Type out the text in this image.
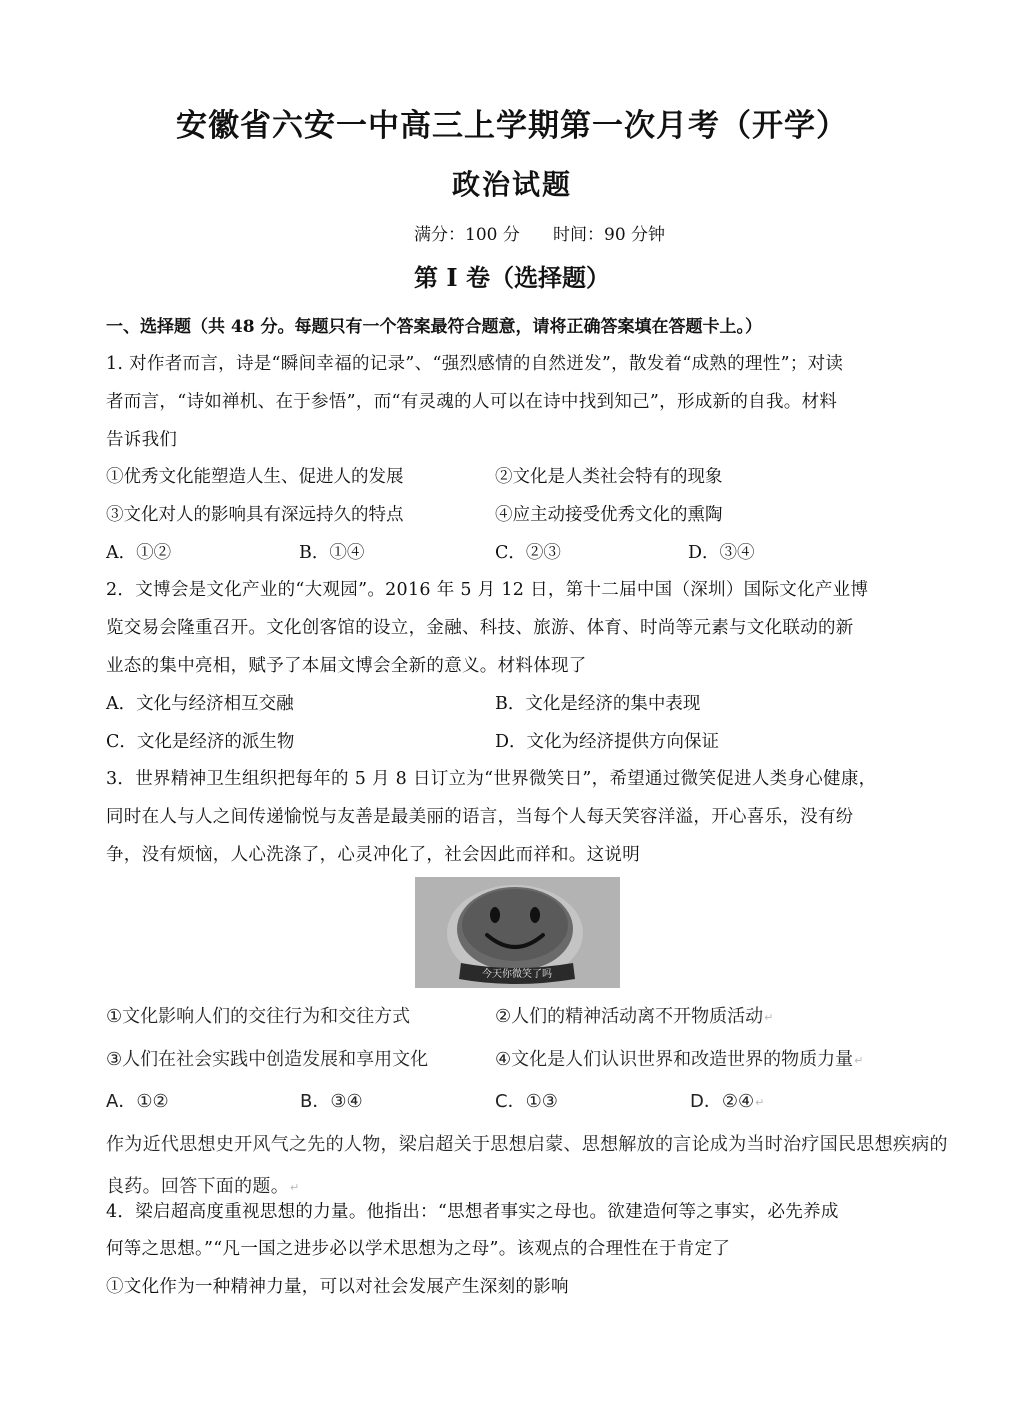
安徽省六安一中高三上学期第一次月考（开学）
政治试题
满分：100 分 时间：90 分钟
第 I 卷（选择题）
一、选择题（共 48 分。每题只有一个答案最符合题意，请将正确答案填在答题卡上。）
1. 对作者而言，诗是“瞬间幸福的记录”、“强烈感情的自然迸发”，散发着“成熟的理性”；对读
者而言，“诗如禅机、在于参悟”，而“有灵魂的人可以在诗中找到知己”，形成新的自我。材料
告诉我们
①优秀文化能塑造人生、促进人的发展	②文化是人类社会特有的现象
③文化对人的影响具有深远持久的特点	④应主动接受优秀文化的熏陶
A．①②	B．①④	C．②③	D．③④
2．文博会是文化产业的“大观园”。2016 年 5 月 12 日，第十二届中国（深圳）国际文化产业博
览交易会隆重召开。文化创客馆的设立，金融、科技、旅游、体育、时尚等元素与文化联动的新
业态的集中亮相，赋予了本届文博会全新的意义。材料体现了
A．文化与经济相互交融	B．文化是经济的集中表现
C．文化是经济的派生物	D．文化为经济提供方向保证
3．世界精神卫生组织把每年的 5 月 8 日订立为“世界微笑日”，希望通过微笑促进人类身心健康，
同时在人与人之间传递愉悦与友善是最美丽的语言，当每个人每天笑容洋溢，开心喜乐，没有纷
争，没有烦恼，人心洗涤了，心灵冲化了，社会因此而祥和。这说明
今天你微笑了吗
①文化影响人们的交往行为和交往方式	②人们的精神活动离不开物质活动↵
③人们在社会实践中创造发展和享用文化	④文化是人们认识世界和改造世界的物质力量↵
A．①②	B．③④	C．①③	D．②④↵
作为近代思想史开风气之先的人物，梁启超关于思想启蒙、思想解放的言论成为当时治疗国民思想疾病的
良药。回答下面的题。↵
4．梁启超高度重视思想的力量。他指出：“思想者事实之母也。欲建造何等之事实，必先养成
何等之思想。”“凡一国之进步必以学术思想为之母”。该观点的合理性在于肯定了
①文化作为一种精神力量，可以对社会发展产生深刻的影响
